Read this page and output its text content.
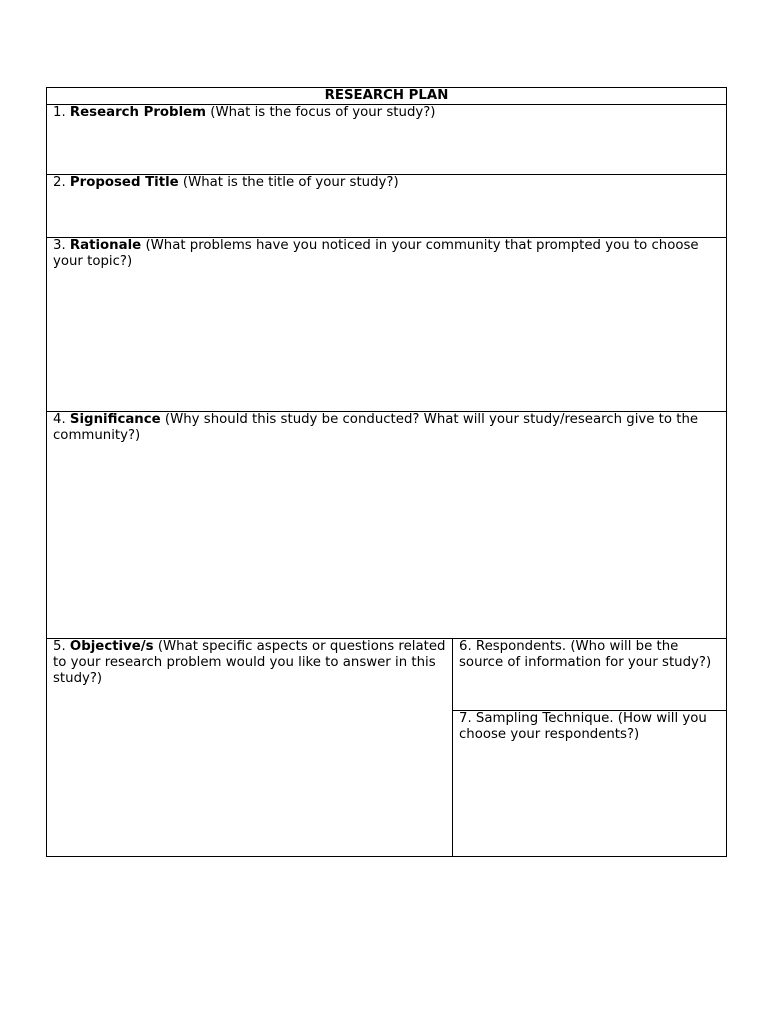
RESEARCH PLAN

1. Research Problem (What is the focus of your study?)

2. Proposed Title (What is the title of your study?)

3. Rationale (What problems have you noticed in your community that prompted you to choose your topic?)

4. Significance (Why should this study be conducted? What will your study/research give to the community?)

5. Objective/s (What specific aspects or questions related to your research problem would you like to answer in this study?)

6. Respondents. (Who will be the source of information for your study?)

7. Sampling Technique. (How will you choose your respondents?)
